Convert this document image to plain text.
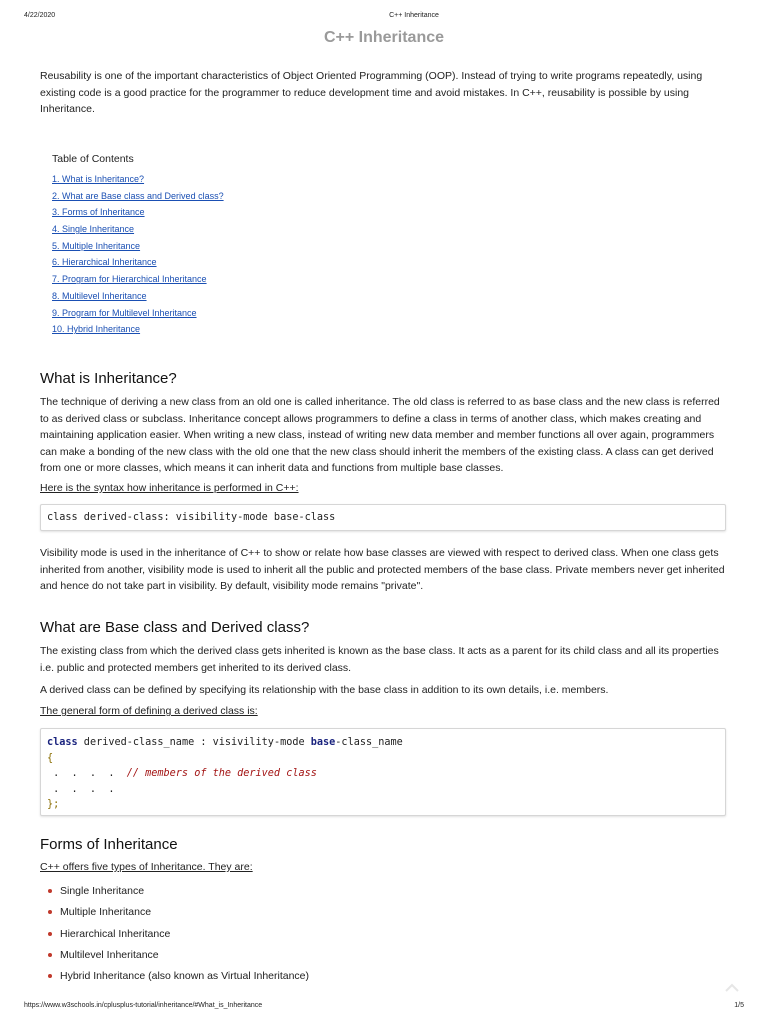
4/22/2020	C++ Inheritance
C++ Inheritance

Reusability is one of the important characteristics of Object Oriented Programming (OOP). Instead of trying to write programs repeatedly, using existing code is a good practice for the programmer to reduce development time and avoid mistakes. In C++, reusability is possible by using Inheritance.

Table of Contents

1. What is Inheritance?
2. What are Base class and Derived class?
3. Forms of Inheritance
4. Single Inheritance
5. Multiple Inheritance
6. Hierarchical Inheritance
7. Program for Hierarchical Inheritance
8. Multilevel Inheritance
9. Program for Multilevel Inheritance
10. Hybrid Inheritance
What is Inheritance?

The technique of deriving a new class from an old one is called inheritance. The old class is referred to as base class and the new class is referred to as derived class or subclass. Inheritance concept allows programmers to define a class in terms of another class, which makes creating and maintaining application easier. When writing a new class, instead of writing new data member and member functions all over again, programmers can make a bonding of the new class with the old one that the new class should inherit the members of the existing class. A class can get derived from one or more classes, which means it can inherit data and functions from multiple base classes.

Here is the syntax how inheritance is performed in C++:

class derived-class: visibility-mode base-class

Visibility mode is used in the inheritance of C++ to show or relate how base classes are viewed with respect to derived class. When one class gets inherited from another, visibility mode is used to inherit all the public and protected members of the base class. Private members never get inherited and hence do not take part in visibility. By default, visibility mode remains "private".

What are Base class and Derived class?

The existing class from which the derived class gets inherited is known as the base class. It acts as a parent for its child class and all its properties i.e. public and protected members get inherited to its derived class.

A derived class can be defined by specifying its relationship with the base class in addition to its own details, i.e. members.

The general form of defining a derived class is:

class derived-class_name : visivility-mode base-class_name
{
.  .  .  .  // members of the derived class
.  .  .  .
};
Forms of Inheritance

C++ offers five types of Inheritance. They are:

Single Inheritance
Multiple Inheritance
Hierarchical Inheritance
Multilevel Inheritance
Hybrid Inheritance (also known as Virtual Inheritance)
https://www.w3schools.in/cplusplus-tutorial/inheritance/#What_is_Inheritance	1/5
